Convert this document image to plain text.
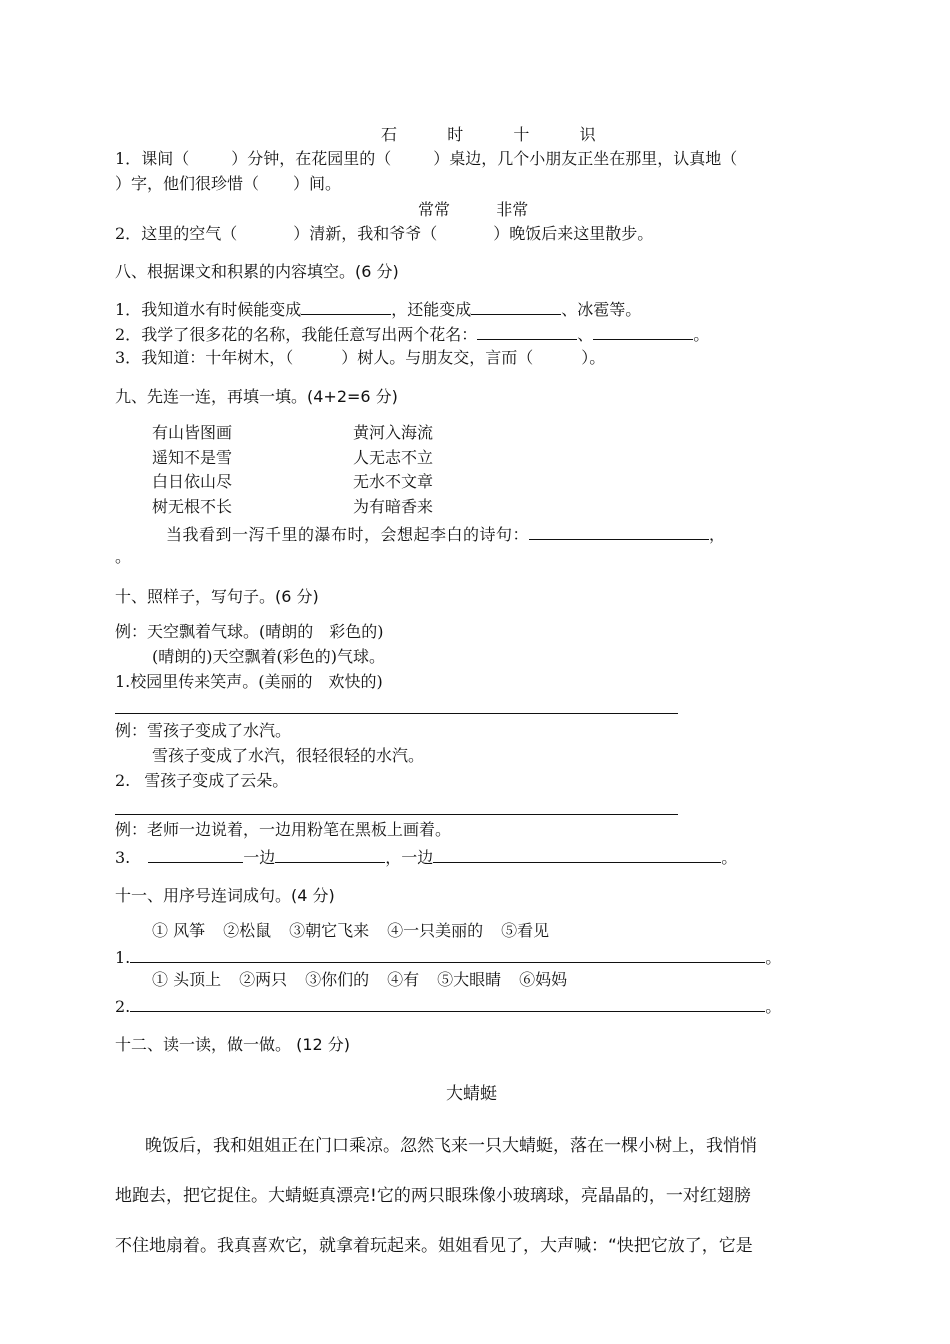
石	时	十	识
1．课间（	）分钟，在花园里的（	）桌边，几个小朋友正坐在那里，认真地（
）字，他们很珍惜（ ）间。
常常	非常
2．这里的空气（	）清新，我和爷爷（	）晚饭后来这里散步。
八、根据课文和积累的内容填空。(6 分)
1．我知道水有时候能变成	，还能变成	、冰雹等。
2．我学了很多花的名称，我能任意写出两个花名：	、	。
3．我知道：十年树木，（	）树人。与朋友交，言而（	）。
九、先连一连，再填一填。(4+2=6 分)
有山皆图画
遥知不是雪
白日依山尽
树无根不长
黄河入海流
人无志不立
无水不文章
为有暗香来
当我看到一泻千里的瀑布时，会想起李白的诗句：	，
。
十、照样子，写句子。(6 分)
例：天空飘着气球。(晴朗的　彩色的)
(晴朗的)天空飘着(彩色的)气球。
1.校园里传来笑声。(美丽的　欢快的)
例：雪孩子变成了水汽。
雪孩子变成了水汽，很轻很轻的水汽。
2. 雪孩子变成了云朵。
例：老师一边说着，一边用粉笔在黑板上画着。
3.	一边	，一边	。
十一、用序号连词成句。(4 分)
① 风筝 ②松鼠 ③朝它飞来 ④一只美丽的 ⑤看见
1.	。
① 头顶上 ②两只 ③你们的 ④有 ⑤大眼睛 ⑥妈妈
2.	。
十二、读一读，做一做。 (12 分)
大蜻蜓
晚饭后，我和姐姐正在门口乘凉。忽然飞来一只大蜻蜓，落在一棵小树上，我悄悄
地跑去，把它捉住。大蜻蜓真漂亮!它的两只眼珠像小玻璃球，亮晶晶的，一对红翅膀
不住地扇着。我真喜欢它，就拿着玩起来。姐姐看见了，大声喊：“快把它放了，它是
